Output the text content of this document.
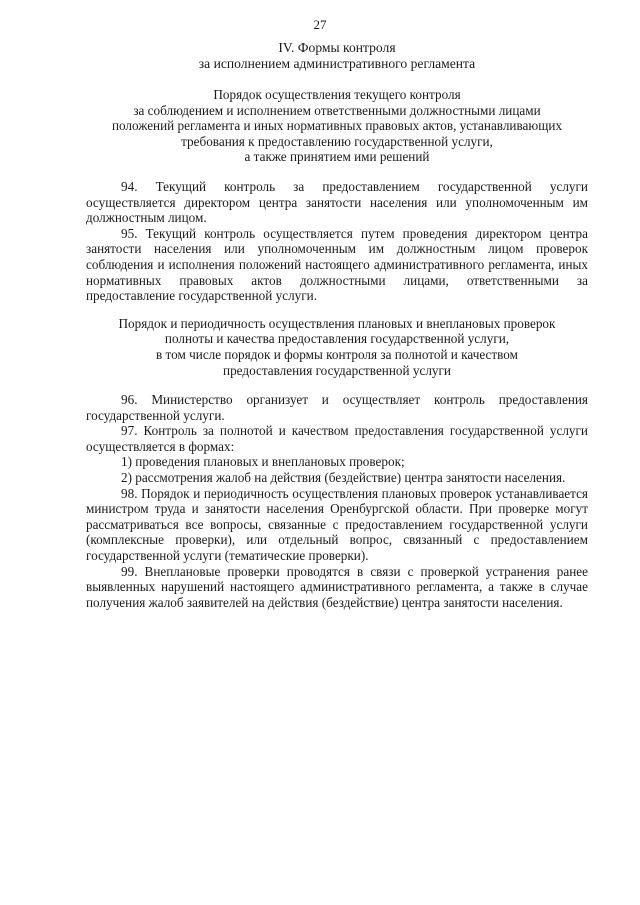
27
IV. Формы контроля
за исполнением административного регламента
Порядок осуществления текущего контроля
за соблюдением и исполнением ответственными должностными лицами
положений регламента и иных нормативных правовых актов, устанавливающих
требования к предоставлению государственной услуги,
а также принятием ими решений

94. Текущий контроль за предоставлением государственной услуги осуществляется директором центра занятости населения или уполномоченным им должностным лицом.

95. Текущий контроль осуществляется путем проведения директором центра занятости населения или уполномоченным им должностным лицом проверок соблюдения и исполнения положений настоящего административного регламента, иных нормативных правовых актов должностными лицами, ответственными за предоставление государственной услуги.

Порядок и периодичность осуществления плановых и внеплановых проверок
полноты и качества предоставления государственной услуги,
в том числе порядок и формы контроля за полнотой и качеством
предоставления государственной услуги

96. Министерство организует и осуществляет контроль предоставления государственной услуги.

97. Контроль за полнотой и качеством предоставления государственной услуги осуществляется в формах:

1) проведения плановых и внеплановых проверок;

2) рассмотрения жалоб на действия (бездействие) центра занятости населения.

98. Порядок и периодичность осуществления плановых проверок устанавливается министром труда и занятости населения Оренбургской области. При проверке могут рассматриваться все вопросы, связанные с предоставлением государственной услуги (комплексные проверки), или отдельный вопрос, связанный с предоставлением государственной услуги (тематические проверки).

99. Внеплановые проверки проводятся в связи с проверкой устранения ранее выявленных нарушений настоящего административного регламента, а также в случае получения жалоб заявителей на действия (бездействие) центра занятости населения.
